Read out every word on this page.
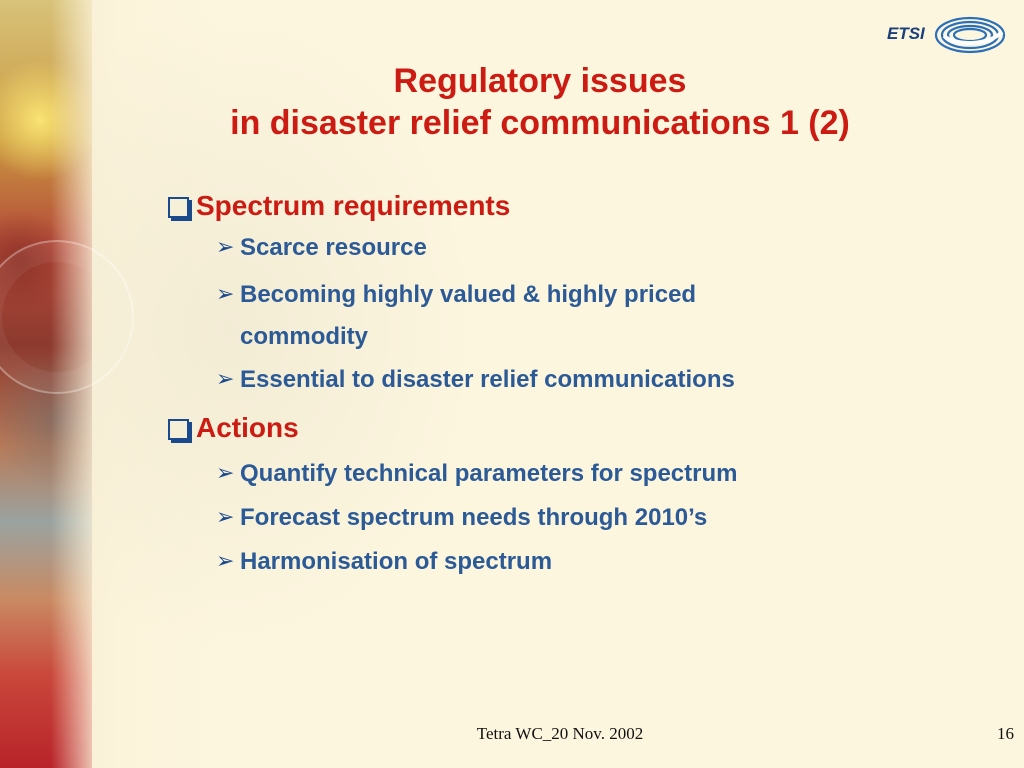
ETSI
Regulatory issues
in disaster relief communications 1 (2)
Spectrum requirements
➢ Scarce resource
➢ Becoming highly valued & highly priced commodity
➢ Essential to disaster relief communications
Actions
➢ Quantify technical parameters for spectrum
➢ Forecast spectrum needs through 2010’s
➢ Harmonisation of spectrum
Tetra WC_20 Nov. 2002	16
